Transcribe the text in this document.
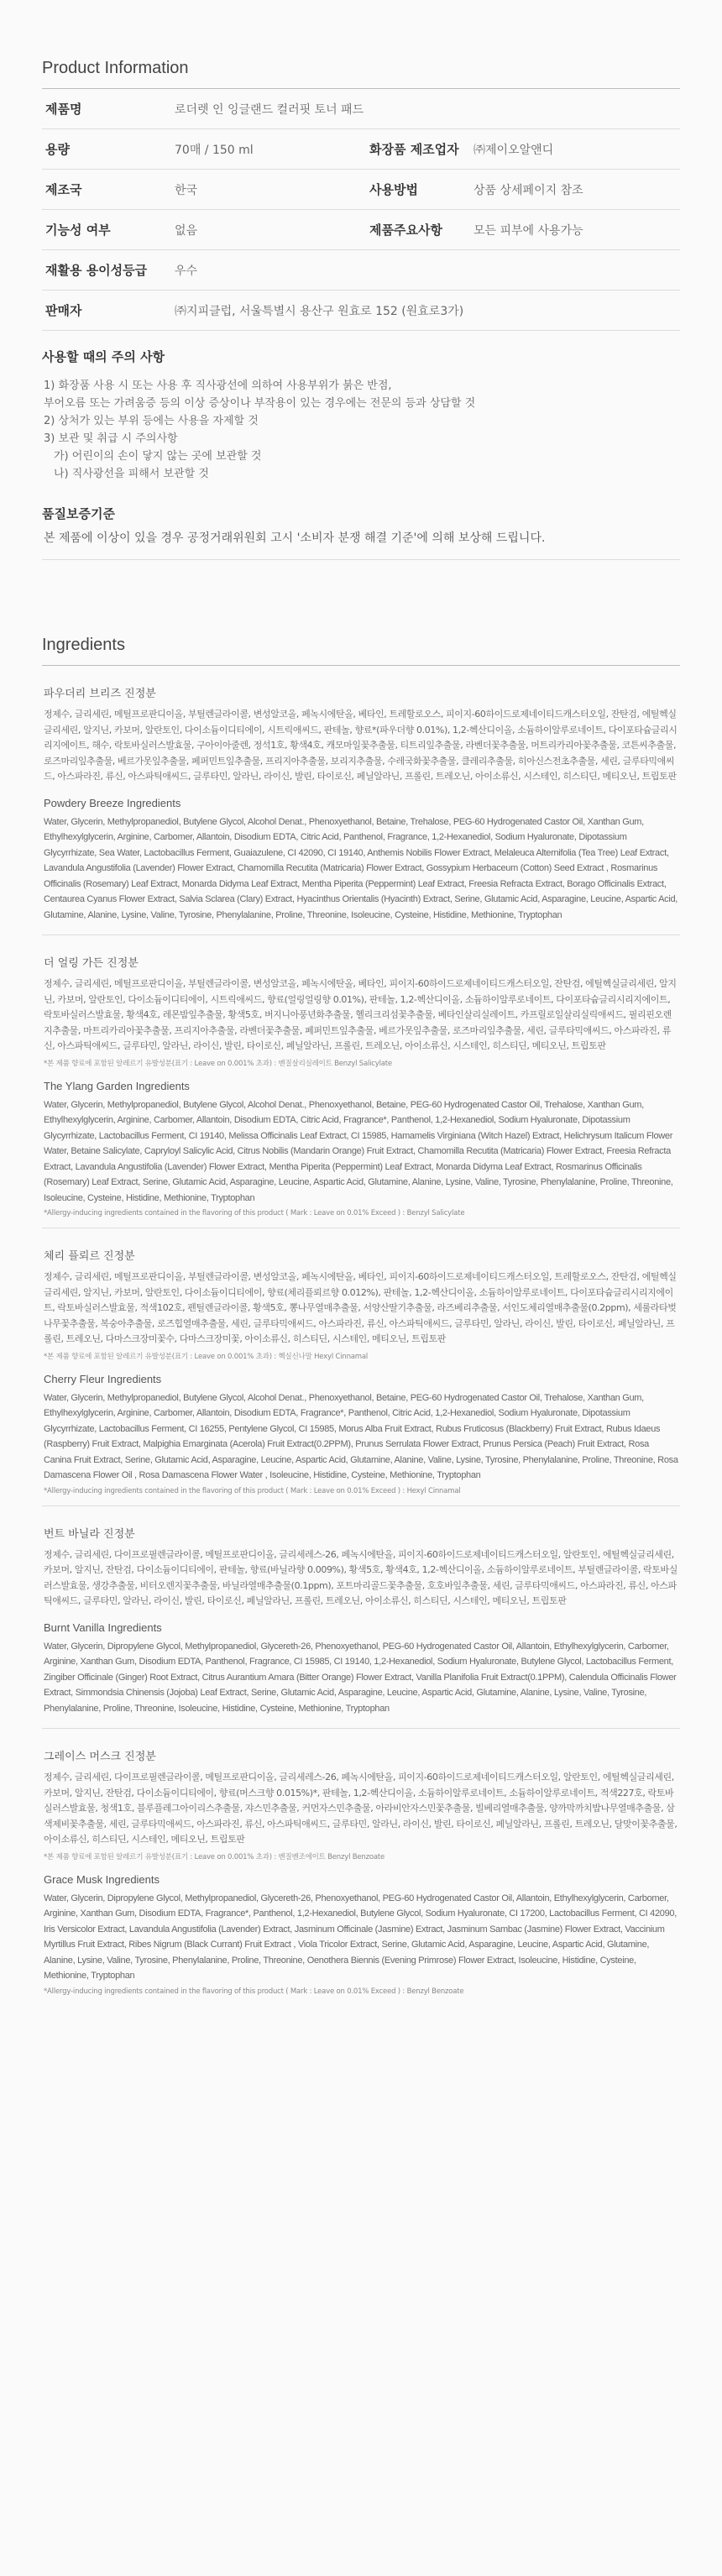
Product Information
제품명	로더렛 인 잉글랜드 컬러핏 토너 패드		
용량	70매 / 150 ml	화장품 제조업자	㈜제이오알앤디
제조국	한국	사용방법	상품 상세페이지 참조
기능성 여부	없음	제품주요사항	모든 피부에 사용가능
재활용 용이성등급	우수		
판매자	㈜지피클럽, 서울특별시 용산구 원효로 152 (원효로3가)		
사용할 때의 주의 사항
1) 화장품 사용 시 또는 사용 후 직사광선에 의하여 사용부위가 붉은 반점,
부어오름 또는 가려움증 등의 이상 증상이나 부작용이 있는 경우에는 전문의 등과 상담할 것
2) 상처가 있는 부위 등에는 사용을 자제할 것
3) 보관 및 취급 시 주의사항
가) 어린이의 손이 닿지 않는 곳에 보관할 것
나) 직사광선을 피해서 보관할 것
품질보증기준
본 제품에 이상이 있을 경우 공정거래위원회 고시 '소비자 분쟁 해결 기준'에 의해 보상해 드립니다.
Ingredients
파우더리 브리즈 진정분
정제수, 글리세린, 메틸프로판디이올, 부틸렌글라이콜, 변성알코올, 페녹시에탄올, 베타인, 트레할로오스, 피이지-60하이드로제네이티드캐스터오일, 잔탄검, 에틸헥실글리세린, 알지닌, 카보머, 알란토인, 다이소듐이디티에이, 시트릭애씨드, 판테놀, 향료*(파우더향 0.01%), 1,2-헥산디이올, 소듐하이알루로네이트, 다이포타슘글리시리지에이트, 해수, 락토바실러스발효물, 구아이아줄렌, 정석1호, 황색4호, 캐모마일꽃추출물, 티트리잎추출물, 라벤더꽃추출물, 머트리카리아꽃추출물, 코튼씨추출물, 로즈마리잎추출물, 베르가못잎추출물, 페퍼민트잎추출물, 프리지아추출물, 보리지추출물, 수레국화꽃추출물, 클레리추출물, 히아신스전초추출물, 세린, 글루타믹애씨드, 아스파라진, 류신, 아스파틱애씨드, 글루타민, 알라닌, 라이신, 발린, 타이로신, 페닐알라닌, 프롤린, 트레오닌, 아이소류신, 시스테인, 히스티딘, 메티오닌, 트립토판
Powdery Breeze Ingredients
Water, Glycerin, Methylpropanediol, Butylene Glycol, Alcohol Denat., Phenoxyethanol, Betaine, Trehalose, PEG-60 Hydrogenated Castor Oil, Xanthan Gum, Ethylhexylglycerin, Arginine, Carbomer, Allantoin, Disodium EDTA, Citric Acid, Panthenol, Fragrance, 1,2-Hexanediol, Sodium Hyaluronate, Dipotassium Glycyrrhizate, Sea Water, Lactobacillus Ferment, Guaiazulene, CI 42090, CI 19140, Anthemis Nobilis Flower Extract, Melaleuca Alternifolia (Tea Tree) Leaf Extract, Lavandula Angustifolia (Lavender) Flower Extract, Chamomilla Recutita (Matricaria) Flower Extract, Gossypium Herbaceum (Cotton) Seed Extract , Rosmarinus Officinalis (Rosemary) Leaf Extract, Monarda Didyma Leaf Extract, Mentha Piperita (Peppermint) Leaf Extract, Freesia Refracta Extract, Borago Officinalis Extract, Centaurea Cyanus Flower Extract, Salvia Sclarea (Clary) Extract, Hyacinthus Orientalis (Hyacinth) Extract, Serine, Glutamic Acid, Asparagine, Leucine, Aspartic Acid, Glutamine, Alanine, Lysine, Valine, Tyrosine, Phenylalanine, Proline, Threonine, Isoleucine, Cysteine, Histidine, Methionine, Tryptophan
더 얼링 가든 진정분
정제수, 글리세린, 메틸프로판디이올, 부틸렌글라이콜, 변성알코올, 페녹시에탄올, 베타인, 피이지-60하이드로제네이티드캐스터오일, 잔탄검, 에틸헥실글리세린, 알지닌, 카보머, 알란토인, 다이소듐이디티에이, 시트릭애씨드, 향료(얼링얼링향 0.01%), 판테놀, 1,2-헥산디이올, 소듐하이알루로네이트, 다이포타슘글리시리지에이트, 락토바실러스발효물, 황색4호, 레몬밤잎추출물, 황색5호, 버지니아풍년화추출물, 헬리크리섬꽃추출물, 베타인살리실레이트, 카프릴로일살리실릭애씨드, 필리핀오렌지추출물, 마트리카리아꽃추출물, 프리지아추출물, 라벤더꽃추출물, 페퍼민트잎추출물, 베르가못잎추출물, 로즈마리잎추출물, 세린, 글루타믹애씨드, 아스파라진, 류신, 아스파틱애씨드, 글루타민, 알라닌, 라이신, 발린, 타이로신, 페닐알라닌, 프롤린, 트레오닌, 아이소류신, 시스테인, 히스티딘, 메티오닌, 트립토판
*본 제품 향료에 포함된 알레르기 유발성분(표기 : Leave on 0.001% 초과) : 벤질살리실레이트 Benzyl Salicylate
The Ylang Garden Ingredients
Water, Glycerin, Methylpropanediol, Butylene Glycol, Alcohol Denat., Phenoxyethanol, Betaine, PEG-60 Hydrogenated Castor Oil, Trehalose, Xanthan Gum, Ethylhexylglycerin, Arginine, Carbomer, Allantoin, Disodium EDTA, Citric Acid, Fragrance*, Panthenol, 1,2-Hexanediol, Sodium Hyaluronate, Dipotassium Glycyrrhizate, Lactobacillus Ferment, CI 19140, Melissa Officinalis Leaf Extract, CI 15985, Hamamelis Virginiana (Witch Hazel) Extract, Helichrysum Italicum Flower Water, Betaine Salicylate, Capryloyl Salicylic Acid, Citrus Nobilis (Mandarin Orange) Fruit Extract, Chamomilla Recutita (Matricaria) Flower Extract, Freesia Refracta Extract, Lavandula Angustifolia (Lavender) Flower Extract, Mentha Piperita (Peppermint) Leaf Extract, Monarda Didyma Leaf Extract, Rosmarinus Officinalis (Rosemary) Leaf Extract, Serine, Glutamic Acid, Asparagine, Leucine, Aspartic Acid, Glutamine, Alanine, Lysine, Valine, Tyrosine, Phenylalanine, Proline, Threonine, Isoleucine, Cysteine, Histidine, Methionine, Tryptophan
*Allergy-inducing ingredients contained in the flavoring of this product ( Mark : Leave on 0.01% Exceed ) : Benzyl Salicylate
체리 플뢰르 진정분
정제수, 글리세린, 메틸프로판디이올, 부틸렌글라이콜, 변성알코올, 페녹시에탄올, 베타인, 피이지-60하이드로제네이티드캐스터오일, 트레할로오스, 잔탄검, 에틸헥실글리세린, 알지닌, 카보머, 알란토인, 다이소듐이디티에이, 향료(체리플뢰르향 0.012%), 판테놀, 1,2-헥산디이올, 소듐하이알루로네이트, 다이포타슘글리시리지에이트, 락토바실러스발효물, 적색102호, 펜틸렌글라이콜, 황색5호, 뽕나무열매추출물, 서양산딸기추출물, 라즈베리추출물, 서인도체리열매추출물(0.2ppm), 세룰라타벚나무꽃추출물, 복숭아추출물, 로즈힙열매추출물, 세린, 글루타믹애씨드, 아스파라진, 류신, 아스파틱애씨드, 글루타민, 알라닌, 라이신, 발린, 타이로신, 페닐알라닌, 프롤린, 트레오닌, 다마스크장미꽃수, 다마스크장미꽃, 아이소류신, 히스티딘, 시스테인, 메티오닌, 트립토판
*본 제품 향료에 포함된 알레르기 유발성분(표기 : Leave on 0.001% 초과) : 헥실신나말 Hexyl Cinnamal
Cherry Fleur Ingredients
Water, Glycerin, Methylpropanediol, Butylene Glycol, Alcohol Denat., Phenoxyethanol, Betaine, PEG-60 Hydrogenated Castor Oil, Trehalose, Xanthan Gum, Ethylhexylglycerin, Arginine, Carbomer, Allantoin, Disodium EDTA, Fragrance*, Panthenol, Citric Acid, 1,2-Hexanediol, Sodium Hyaluronate, Dipotassium Glycyrrhizate, Lactobacillus Ferment, CI 16255, Pentylene Glycol, CI 15985, Morus Alba Fruit Extract, Rubus Fruticosus (Blackberry) Fruit Extract, Rubus Idaeus (Raspberry) Fruit Extract, Malpighia Emarginata (Acerola) Fruit Extract(0.2PPM), Prunus Serrulata Flower Extract, Prunus Persica (Peach) Fruit Extract, Rosa Canina Fruit Extract, Serine, Glutamic Acid, Asparagine, Leucine, Aspartic Acid, Glutamine, Alanine, Valine, Lysine, Tyrosine, Phenylalanine, Proline, Threonine, Rosa Damascena Flower Oil , Rosa Damascena Flower Water , Isoleucine, Histidine, Cysteine, Methionine, Tryptophan
*Allergy-inducing ingredients contained in the flavoring of this product ( Mark : Leave on 0.01% Exceed ) : Hexyl Cinnamal
번트 바닐라 진정분
정제수, 글리세린, 다이프로필렌글라이콜, 메틸프로판디이올, 글리세레스-26, 페녹시에탄올, 피이지-60하이드로제네이티드캐스터오일, 알란토인, 에틸헥실글리세린, 카보머, 알지닌, 잔탄검, 다이소듐이디티에이, 판테놀, 향료(바닐라향 0.009%), 황색5호, 황색4호, 1,2-헥산디이올, 소듐하이알루로네이트, 부틸렌글라이콜, 락토바실러스발효물, 생강추출물, 비터오렌지꽃추출물, 바닐라열매추출물(0.1ppm), 포트마리골드꽃추출물, 호호바잎추출물, 세린, 글루타믹애씨드, 아스파라진, 류신, 아스파틱애씨드, 글루타민, 알라닌, 라이신, 발린, 타이로신, 페닐알라닌, 프롤린, 트레오닌, 아이소류신, 히스티딘, 시스테인, 메티오닌, 트립토판
Burnt Vanilla Ingredients
Water, Glycerin, Dipropylene Glycol, Methylpropanediol, Glycereth-26, Phenoxyethanol, PEG-60 Hydrogenated Castor Oil, Allantoin, Ethylhexylglycerin, Carbomer, Arginine, Xanthan Gum, Disodium EDTA, Panthenol, Fragrance, CI 15985, CI 19140, 1,2-Hexanediol, Sodium Hyaluronate, Butylene Glycol, Lactobacillus Ferment, Zingiber Officinale (Ginger) Root Extract, Citrus Aurantium Amara (Bitter Orange) Flower Extract, Vanilla Planifolia Fruit Extract(0.1PPM), Calendula Officinalis Flower Extract, Simmondsia Chinensis (Jojoba) Leaf Extract, Serine, Glutamic Acid, Asparagine, Leucine, Aspartic Acid, Glutamine, Alanine, Lysine, Valine, Tyrosine, Phenylalanine, Proline, Threonine, Isoleucine, Histidine, Cysteine, Methionine, Tryptophan
그레이스 머스크 진정분
정제수, 글리세린, 다이프로필렌글라이콜, 메틸프로판디이올, 글리세레스-26, 페녹시에탄올, 피이지-60하이드로제네이티드캐스터오일, 알란토인, 에틸헥실글리세린, 카보머, 알지닌, 잔탄검, 다이소듐이디티에이, 향료(머스크향 0.015%)*, 판테놀, 1,2-헥산디이올, 소듐하이알루로네이트, 소듐하이알루로네이트, 적색227호, 락토바실러스발효물, 청색1호, 블루플레그아이리스추출물, 쟈스민추출물, 커먼자스민추출물, 아라비안자스민꽃추출물, 빌베리열매추출물, 양까막까치밥나무열매추출물, 삼색제비꽃추출물, 세린, 글루타믹애씨드, 아스파라진, 류신, 아스파틱애씨드, 글루타민, 알라닌, 라이신, 발린, 타이로신, 페닐알라닌, 프롤린, 트레오닌, 달맞이꽃추출물, 아이소류신, 히스티딘, 시스테인, 메티오닌, 트립토판
*본 제품 향료에 포함된 알레르기 유발성분(표기 : Leave on 0.001% 초과) : 벤질벤조에이트 Benzyl Benzoate
Grace Musk Ingredients
Water, Glycerin, Dipropylene Glycol, Methylpropanediol, Glycereth-26, Phenoxyethanol, PEG-60 Hydrogenated Castor Oil, Allantoin, Ethylhexylglycerin, Carbomer, Arginine, Xanthan Gum, Disodium EDTA, Fragrance*, Panthenol, 1,2-Hexanediol, Butylene Glycol, Sodium Hyaluronate, CI 17200, Lactobacillus Ferment, CI 42090, Iris Versicolor Extract, Lavandula Angustifolia (Lavender) Extract, Jasminum Officinale (Jasmine) Extract, Jasminum Sambac (Jasmine) Flower Extract, Vaccinium Myrtillus Fruit Extract, Ribes Nigrum (Black Currant) Fruit Extract , Viola Tricolor Extract, Serine, Glutamic Acid, Asparagine, Leucine, Aspartic Acid, Glutamine, Alanine, Lysine, Valine, Tyrosine, Phenylalanine, Proline, Threonine, Oenothera Biennis (Evening Primrose) Flower Extract, Isoleucine, Histidine, Cysteine, Methionine, Tryptophan
*Allergy-inducing ingredients contained in the flavoring of this product ( Mark : Leave on 0.01% Exceed ) : Benzyl Benzoate
